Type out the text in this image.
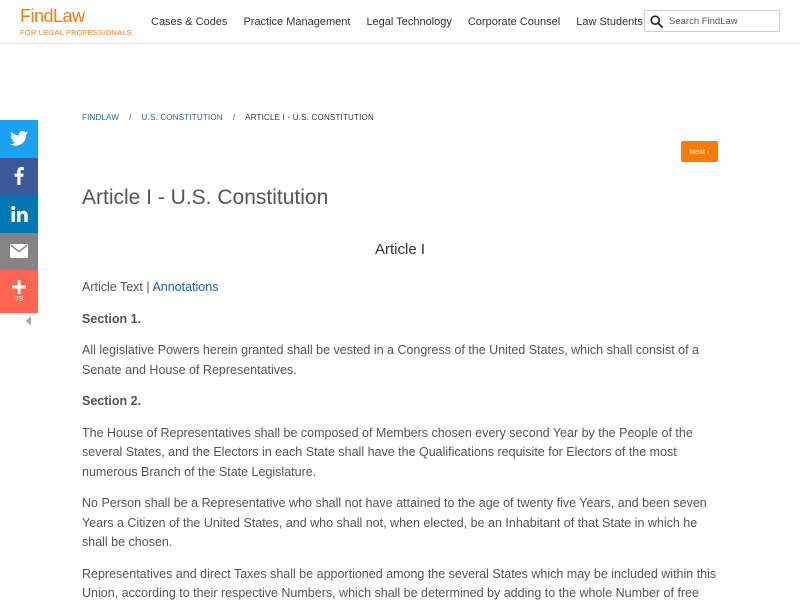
FindLaw
FOR LEGAL PROFESSIONALS
Cases & Codes Practice Management Legal Technology Corporate Counsel Law Students
Search FindLaw
79
FINDLAW / U.S. CONSTITUTION / ARTICLE I - U.S. CONSTITUTION
Next ›
Article I - U.S. Constitution
Article I

Article Text | Annotations

Section 1.

All legislative Powers herein granted shall be vested in a Congress of the United States, which shall consist of a Senate and House of Representatives.

Section 2.

The House of Representatives shall be composed of Members chosen every second Year by the People of the several States, and the Electors in each State shall have the Qualifications requisite for Electors of the most numerous Branch of the State Legislature.

No Person shall be a Representative who shall not have attained to the age of twenty five Years, and been seven Years a Citizen of the United States, and who shall not, when elected, be an Inhabitant of that State in which he shall be chosen.

Representatives and direct Taxes shall be apportioned among the several States which may be included within this Union, according to their respective Numbers, which shall be determined by adding to the whole Number of free
